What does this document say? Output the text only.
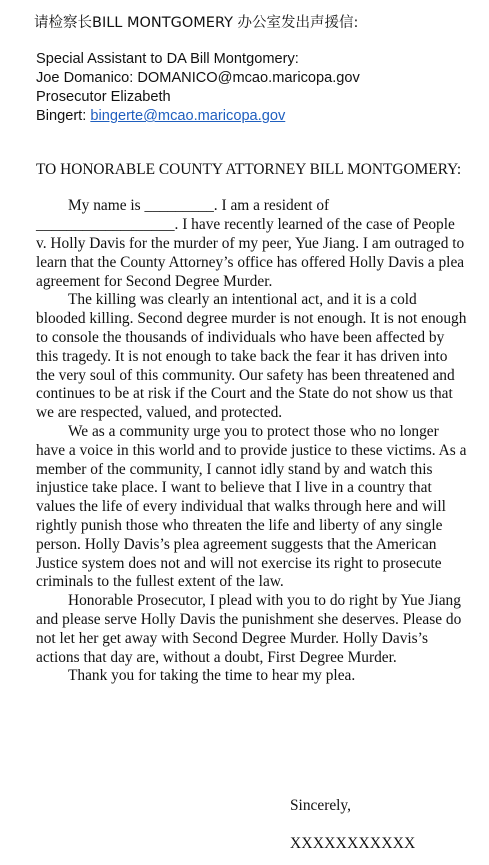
请检察长BILL MONTGOMERY 办公室发出声援信:
Special Assistant to DA Bill Montgomery:
Joe Domanico: DOMANICO@mcao.maricopa.gov
Prosecutor Elizabeth
Bingert: bingerte@mcao.maricopa.gov
TO HONORABLE COUNTY ATTORNEY BILL MONTGOMERY:

My name is _________. I am a resident of __________________. I have recently learned of the case of People v. Holly Davis for the murder of my peer, Yue Jiang. I am outraged to learn that the County Attorney’s office has offered Holly Davis a plea agreement for Second Degree Murder.

The killing was clearly an intentional act, and it is a cold blooded killing. Second degree murder is not enough. It is not enough to console the thousands of individuals who have been affected by this tragedy. It is not enough to take back the fear it has driven into the very soul of this community. Our safety has been threatened and continues to be at risk if the Court and the State do not show us that we are respected, valued, and protected.

We as a community urge you to protect those who no longer have a voice in this world and to provide justice to these victims. As a member of the community, I cannot idly stand by and watch this injustice take place. I want to believe that I live in a country that values the life of every individual that walks through here and will rightly punish those who threaten the life and liberty of any single person. Holly Davis’s plea agreement suggests that the American Justice system does not and will not exercise its right to prosecute criminals to the fullest extent of the law.

Honorable Prosecutor, I plead with you to do right by Yue Jiang and please serve Holly Davis the punishment she deserves. Please do not let her get away with Second Degree Murder. Holly Davis’s actions that day are, without a doubt, First Degree Murder.

Thank you for taking the time to hear my plea.

Sincerely,
XXXXXXXXXXX
